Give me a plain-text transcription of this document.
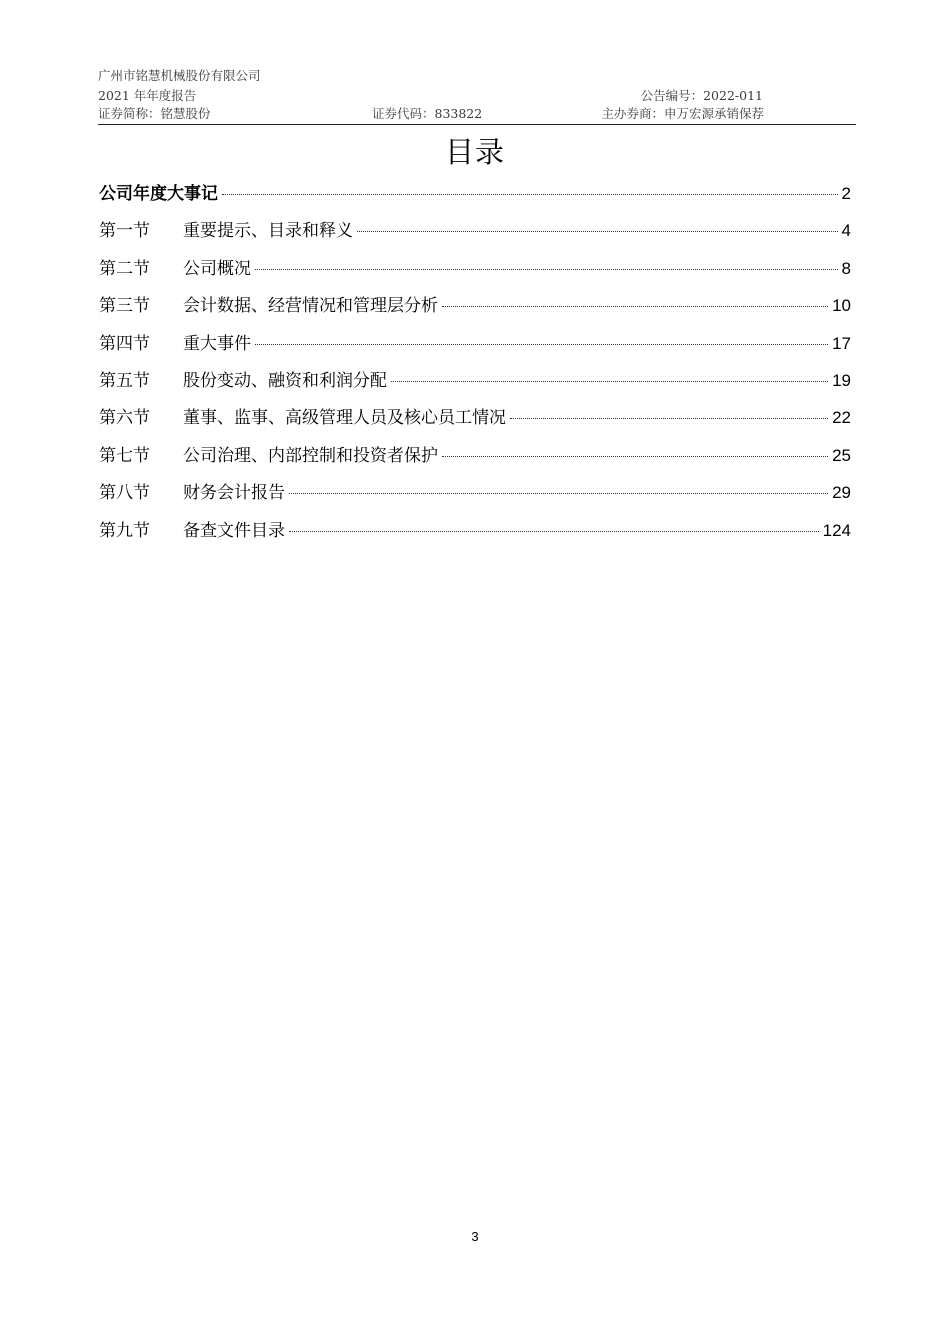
广州市铭慧机械股份有限公司
2021 年年度报告	公告编号：2022-011
证券简称：铭慧股份	证券代码：833822	主办券商：申万宏源承销保荐
目录
公司年度大事记	2
第一节	重要提示、目录和释义	4
第二节	公司概况	8
第三节	会计数据、经营情况和管理层分析	10
第四节	重大事件	17
第五节	股份变动、融资和利润分配	19
第六节	董事、监事、高级管理人员及核心员工情况	22
第七节	公司治理、内部控制和投资者保护	25
第八节	财务会计报告	29
第九节	备查文件目录	124
3
